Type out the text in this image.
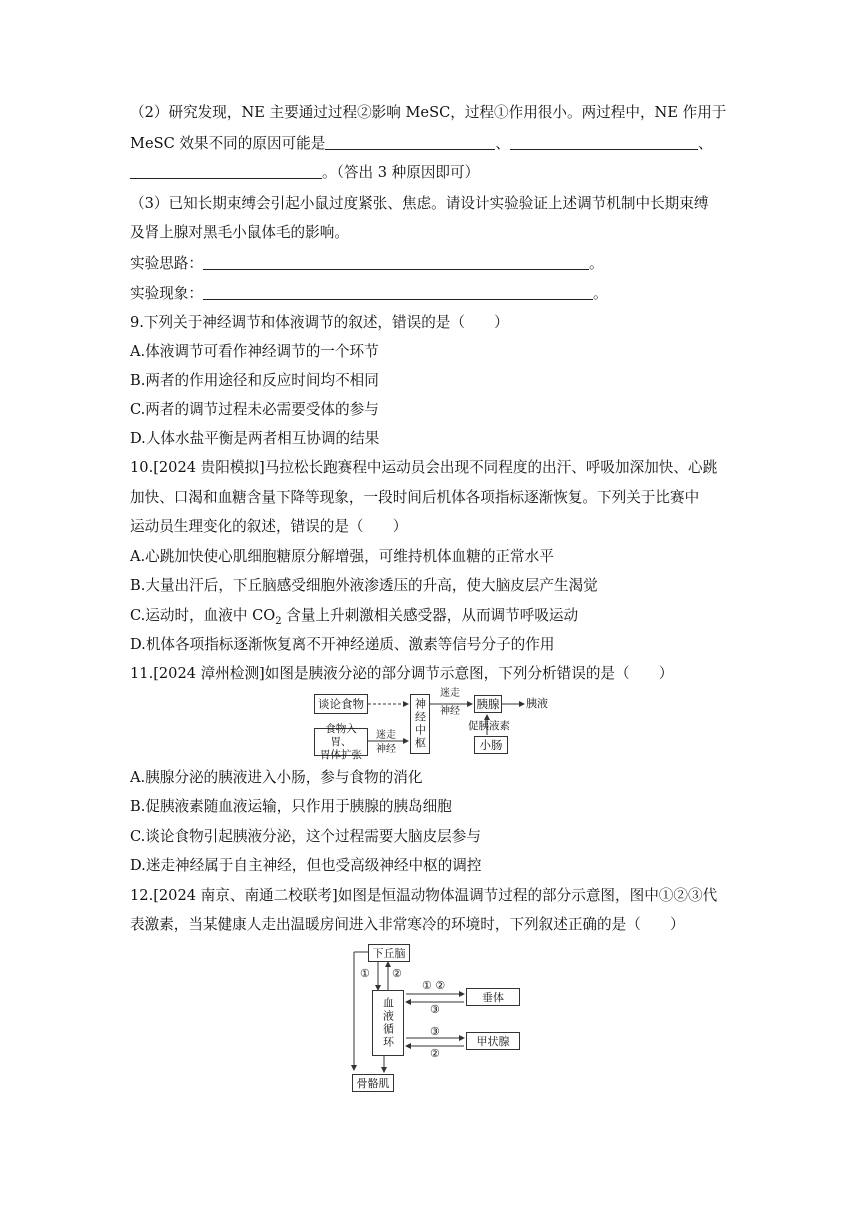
（2）研究发现，NE 主要通过过程②影响 MeSC，过程①作用很小。两过程中，NE 作用于
MeSC 效果不同的原因可能是	、	、
。（答出 3 种原因即可）
（3）已知长期束缚会引起小鼠过度紧张、焦虑。请设计实验验证上述调节机制中长期束缚
及肾上腺对黑毛小鼠体毛的影响。
实验思路：	。
实验现象：	。
9.下列关于神经调节和体液调节的叙述，错误的是（　　）
A.体液调节可看作神经调节的一个环节
B.两者的作用途径和反应时间均不相同
C.两者的调节过程未必需要受体的参与
D.人体水盐平衡是两者相互协调的结果
10.[2024 贵阳模拟]马拉松长跑赛程中运动员会出现不同程度的出汗、呼吸加深加快、心跳
加快、口渴和血糖含量下降等现象，一段时间后机体各项指标逐渐恢复。下列关于比赛中
运动员生理变化的叙述，错误的是（　　）
A.心跳加快使心肌细胞糖原分解增强，可维持机体血糖的正常水平
B.大量出汗后，下丘脑感受细胞外液渗透压的升高，使大脑皮层产生渴觉
C.运动时，血液中 $CO_2$ 含量上升刺激相关感受器，从而调节呼吸运动
D.机体各项指标逐渐恢复离不开神经递质、激素等信号分子的作用
11.[2024 漳州检测]如图是胰液分泌的部分调节示意图，下列分析错误的是（　　）
谈论食物
食物入胃、
胃体扩张
神经中枢
迷走
神经
迷走
神经
胰腺 胰液
促胰液素
小肠
A.胰腺分泌的胰液进入小肠，参与食物的消化
B.促胰液素随血液运输，只作用于胰腺的胰岛细胞
C.谈论食物引起胰液分泌，这个过程需要大脑皮层参与
D.迷走神经属于自主神经，但也受高级神经中枢的调控
12.[2024 南京、南通二校联考]如图是恒温动物体温调节过程的部分示意图，图中①②③代
表激素，当某健康人走出温暖房间进入非常寒冷的环境时，下列叙述正确的是（　　）
下丘脑
① ②
血液循环
① ②
③
垂体
③
②
甲状腺
骨骼肌
